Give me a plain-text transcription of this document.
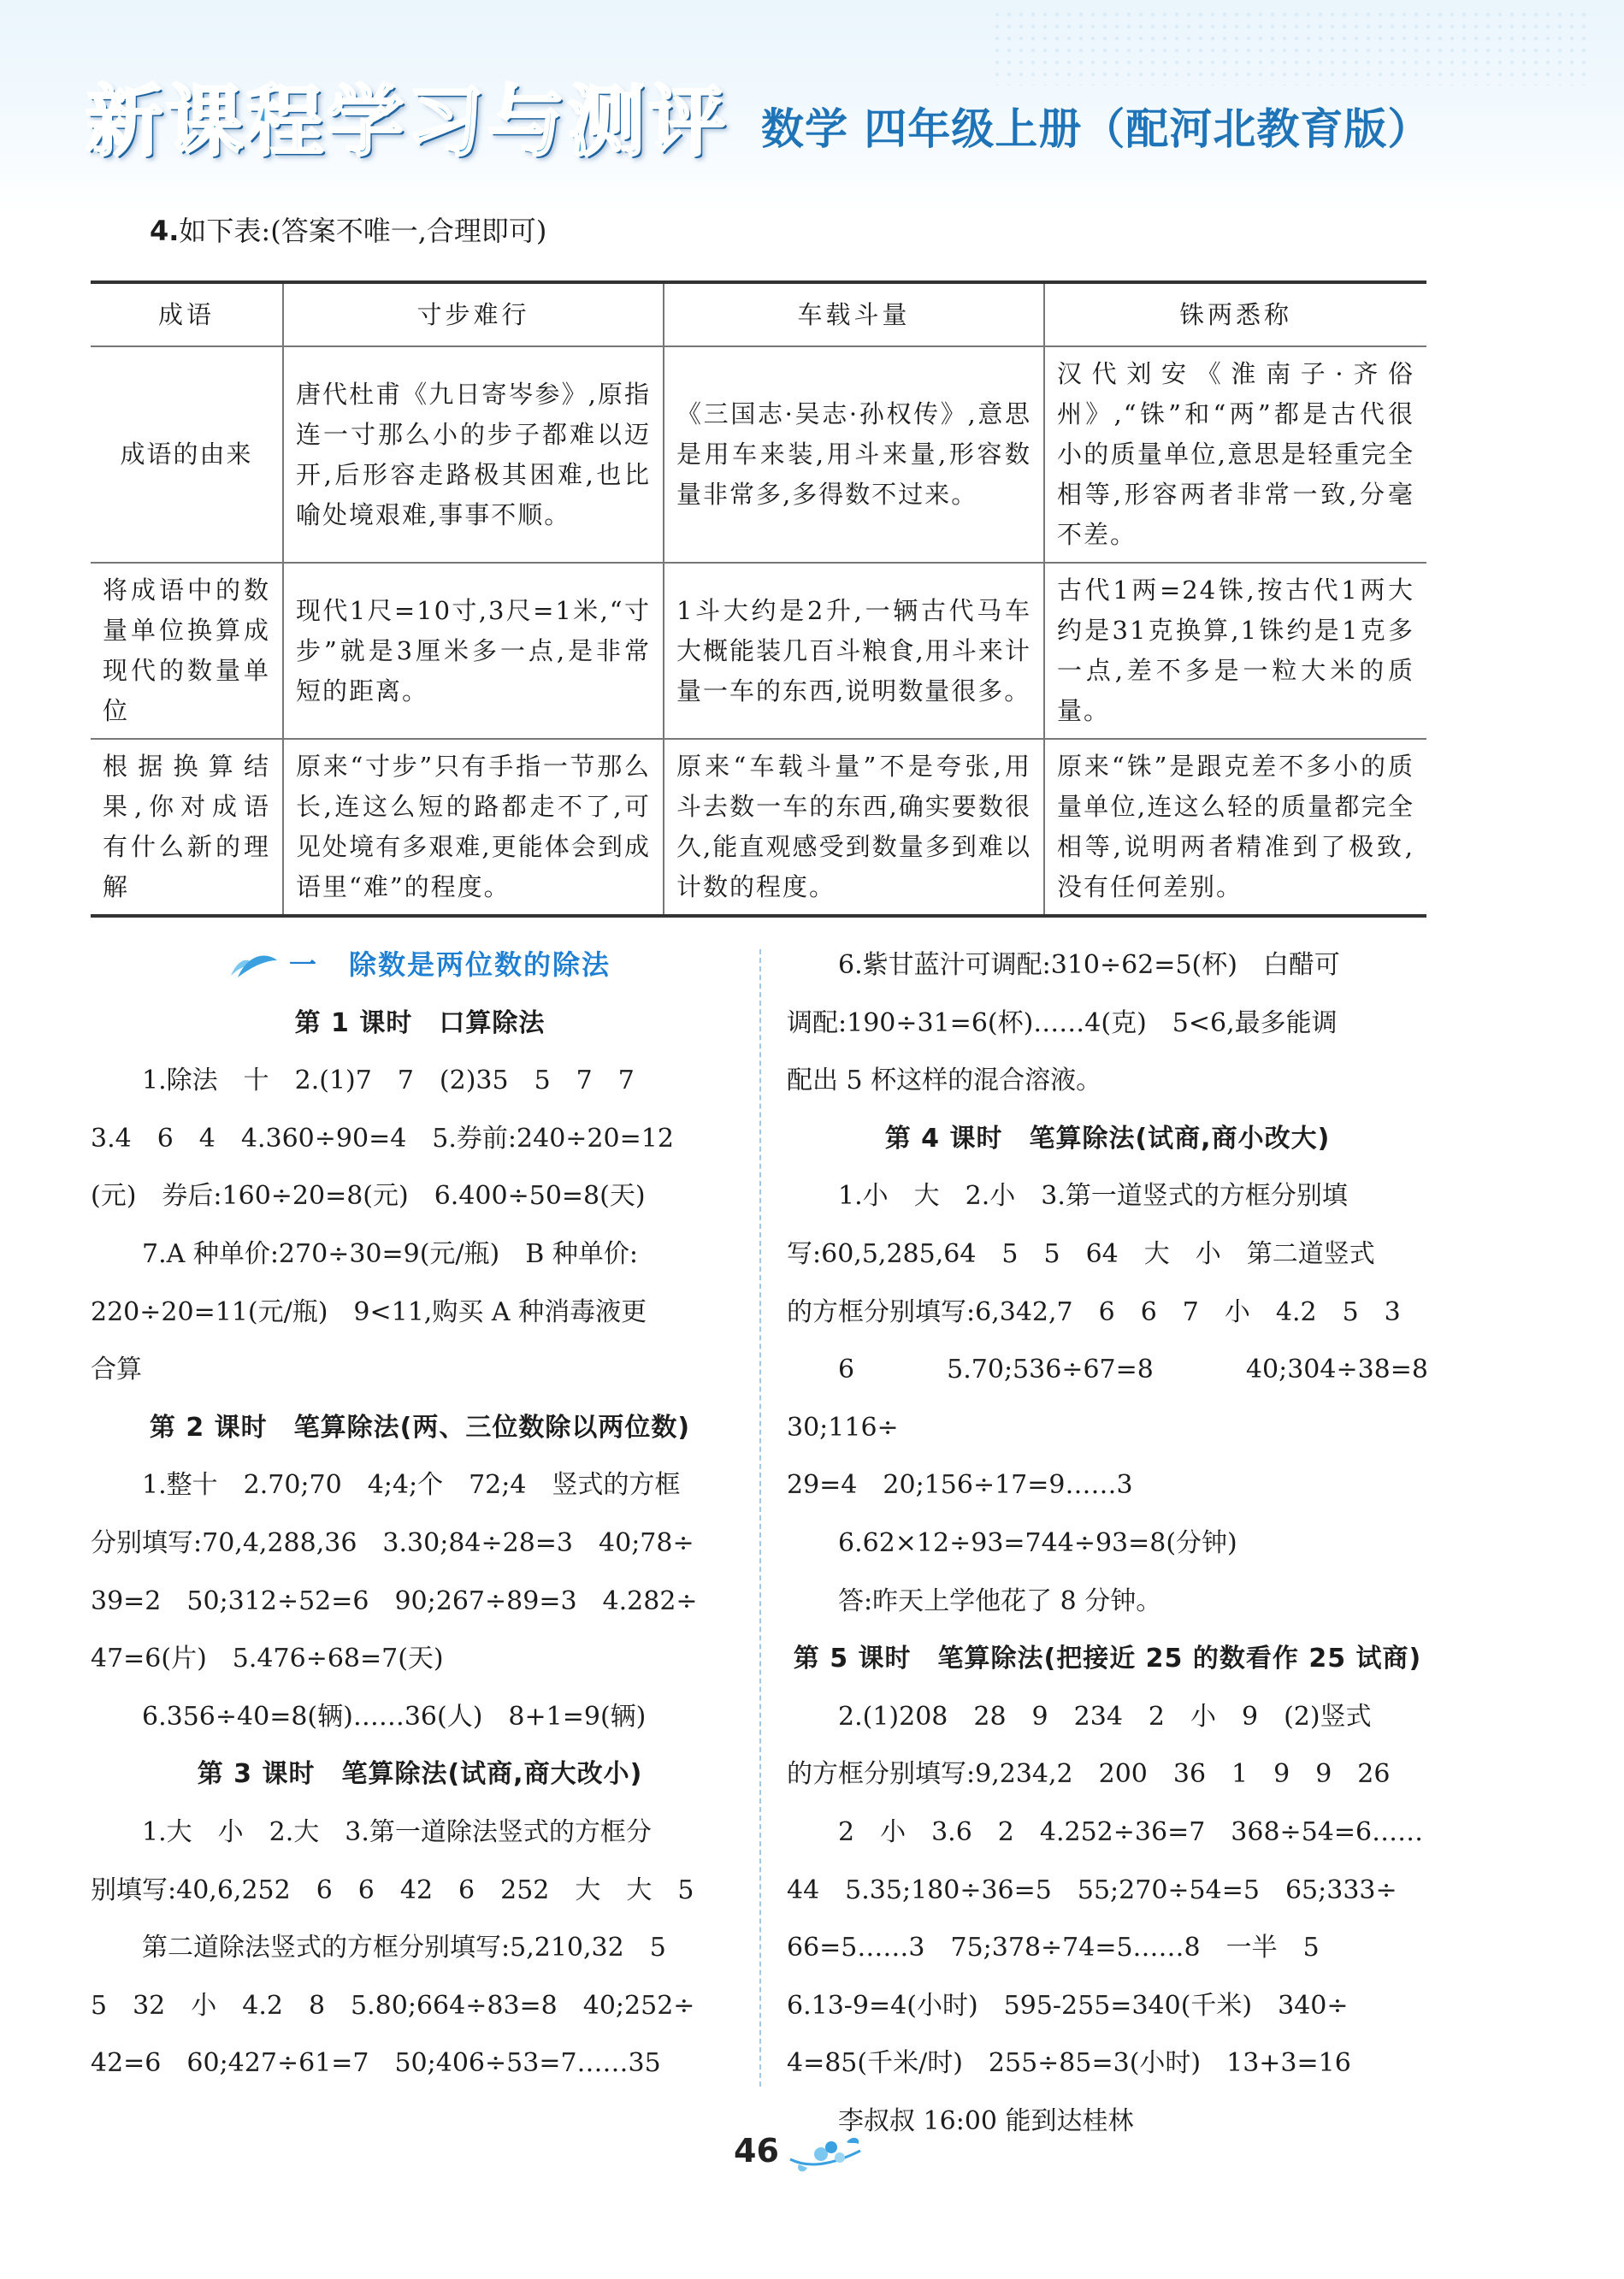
新课程学习与测评 数学 四年级上册（配河北教育版）
4.如下表:(答案不唯一,合理即可)
成语	寸步难行	车载斗量	铢两悉称
成语的由来	唐代杜甫《九日寄岑参》,原指连一寸那么小的步子都难以迈开,后形容走路极其困难,也比喻处境艰难,事事不顺。	《三国志·吴志·孙权传》,意思是用车来装,用斗来量,形容数量非常多,多得数不过来。	汉代刘安《淮南子·齐俗州》,“铢”和“两”都是古代很小的质量单位,意思是轻重完全相等,形容两者非常一致,分毫不差。
将成语中的数量单位换算成现代的数量单位	现代1尺=10寸,3尺=1米,“寸步”就是3厘米多一点,是非常短的距离。	1斗大约是2升,一辆古代马车大概能装几百斗粮食,用斗来计量一车的东西,说明数量很多。	古代1两=24铢,按古代1两大约是31克换算,1铢约是1克多一点,差不多是一粒大米的质量。
根据换算结果,你对成语有什么新的理解	原来“寸步”只有手指一节那么长,连这么短的路都走不了,可见处境有多艰难,更能体会到成语里“难”的程度。	原来“车载斗量”不是夸张,用斗去数一车的东西,确实要数很久,能直观感受到数量多到难以计数的程度。	原来“铢”是跟克差不多小的质量单位,连这么轻的质量都完全相等,说明两者精准到了极致,没有任何差别。
一 除数是两位数的除法

第 1 课时　口算除法

1.除法　十　2.(1)7　7　(2)35　5　7　7

3.4　6　4　4.360÷90=4　5.券前:240÷20=12

(元)　券后:160÷20=8(元)　6.400÷50=8(天)

7.A 种单价:270÷30=9(元/瓶)　B 种单价:

220÷20=11(元/瓶)　9<11,购买 A 种消毒液更

合算

第 2 课时　笔算除法(两、三位数除以两位数)

1.整十　2.70;70　4;4;个　72;4　竖式的方框

分别填写:70,4,288,36　3.30;84÷28=3　40;78÷

39=2　50;312÷52=6　90;267÷89=3　4.282÷

47=6(片)　5.476÷68=7(天)

6.356÷40=8(辆)……36(人)　8+1=9(辆)

第 3 课时　笔算除法(试商,商大改小)

1.大　小　2.大　3.第一道除法竖式的方框分

别填写:40,6,252　6　6　42　6　252　大　大　5

第二道除法竖式的方框分别填写:5,210,32　5

5　32　小　4.2　8　5.80;664÷83=8　40;252÷

42=6　60;427÷61=7　50;406÷53=7……35

6.紫甘蓝汁可调配:310÷62=5(杯)　白醋可

调配:190÷31=6(杯)……4(克)　5<6,最多能调

配出 5 杯这样的混合溶液。

第 4 课时　笔算除法(试商,商小改大)

1.小　大　2.小　3.第一道竖式的方框分别填

写:60,5,285,64　5　5　64　大　小　第二道竖式

的方框分别填写:6,342,7　6　6　7　小　4.2　5　3

6　5.70;536÷67=8　40;304÷38=8　30;116÷

29=4　20;156÷17=9……3

6.62×12÷93=744÷93=8(分钟)

答:昨天上学他花了 8 分钟。

第 5 课时　笔算除法(把接近 25 的数看作 25 试商)

2.(1)208　28　9　234　2　小　9　(2)竖式

的方框分别填写:9,234,2　200　36　1　9　9　26

2　小　3.6　2　4.252÷36=7　368÷54=6……

44　5.35;180÷36=5　55;270÷54=5　65;333÷

66=5……3　75;378÷74=5……8　一半　5

6.13-9=4(小时)　595-255=340(千米)　340÷

4=85(千米/时)　255÷85=3(小时)　13+3=16

李叔叔 16:00 能到达桂林

46
